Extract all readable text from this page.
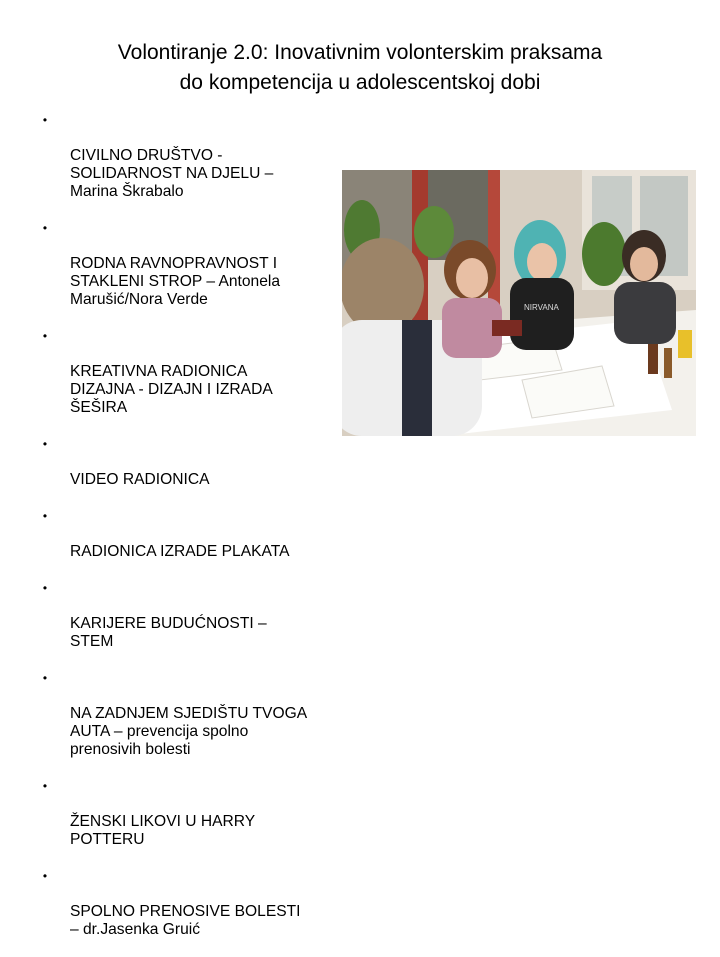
Volontiranje 2.0: Inovativnim volonterskim praksama
do kompetencija u adolescentskoj dobi
NIRVANA

•

CIVILNO DRUŠTVO -
SOLIDARNOST NA DJELU –
Marina Škrabalo

•

RODNA RAVNOPRAVNOST I
STAKLENI STROP – Antonela
Marušić/Nora Verde

•

KREATIVNA RADIONICA
DIZAJNA - DIZAJN I IZRADA
ŠEŠIRA

•

VIDEO RADIONICA

•

RADIONICA IZRADE PLAKATA

•

KARIJERE BUDUĆNOSTI –
STEM

•

NA ZADNJEM SJEDIŠTU TVOGA
AUTA – prevencija spolno
prenosivih bolesti

•

ŽENSKI LIKOVI U HARRY
POTTERU

•

SPOLNO PRENOSIVE BOLESTI
– dr.Jasenka Gruić
